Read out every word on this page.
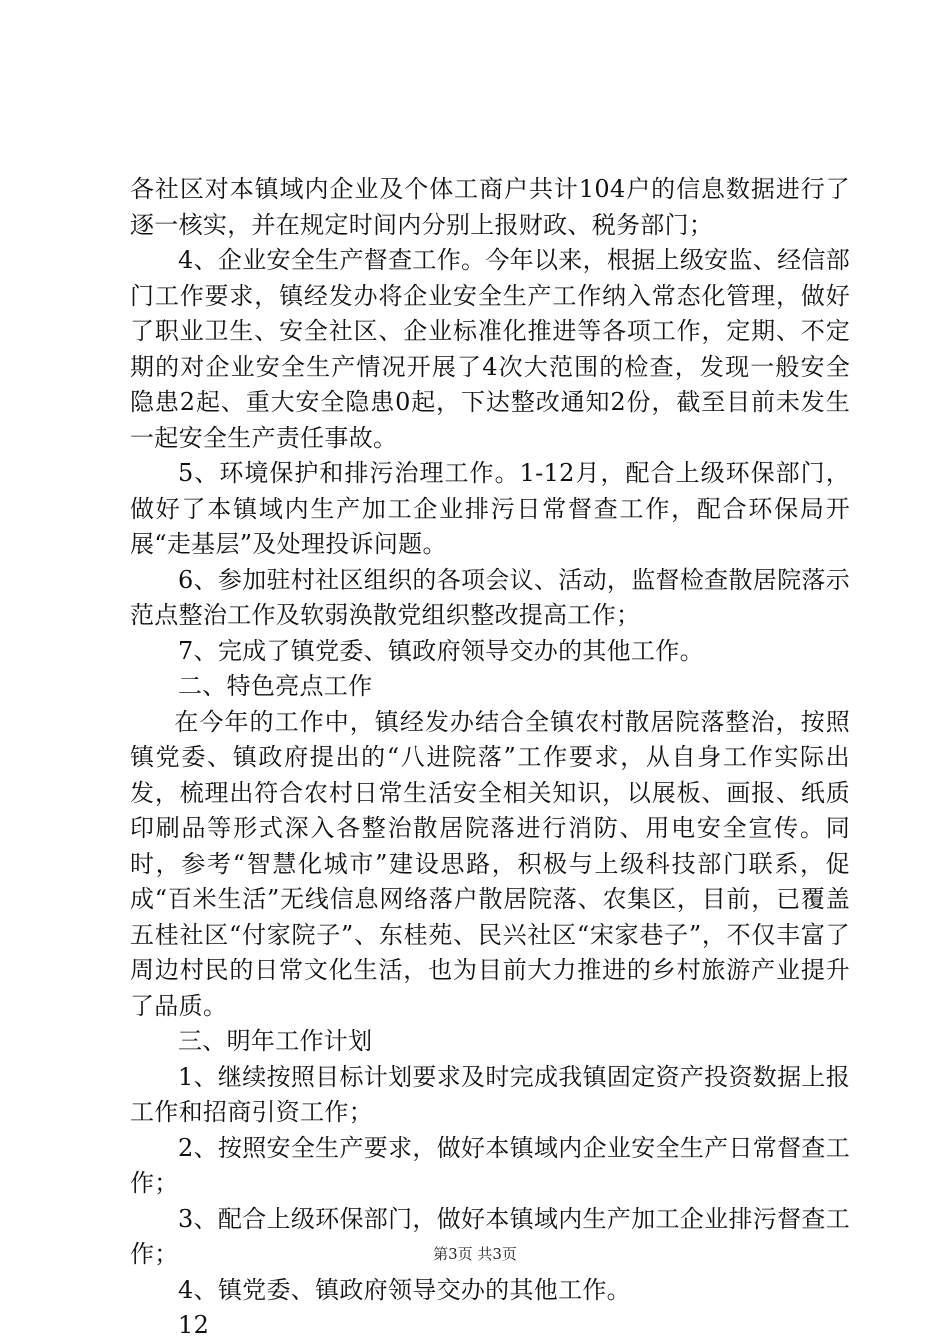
各社区对本镇域内企业及个体工商户共计104户的信息数据进行了逐一核实，并在规定时间内分别上报财政、税务部门；

4、企业安全生产督查工作。今年以来，根据上级安监、经信部门工作要求，镇经发办将企业安全生产工作纳入常态化管理，做好了职业卫生、安全社区、企业标准化推进等各项工作，定期、不定期的对企业安全生产情况开展了4次大范围的检查，发现一般安全隐患2起、重大安全隐患0起，下达整改通知2份，截至目前未发生一起安全生产责任事故。

5、环境保护和排污治理工作。1-12月，配合上级环保部门，做好了本镇域内生产加工企业排污日常督查工作，配合环保局开展“走基层”及处理投诉问题。

6、参加驻村社区组织的各项会议、活动，监督检查散居院落示范点整治工作及软弱涣散党组织整改提高工作；

7、完成了镇党委、镇政府领导交办的其他工作。

二、特色亮点工作

在今年的工作中，镇经发办结合全镇农村散居院落整治，按照镇党委、镇政府提出的“八进院落”工作要求，从自身工作实际出发，梳理出符合农村日常生活安全相关知识，以展板、画报、纸质印刷品等形式深入各整治散居院落进行消防、用电安全宣传。同时，参考“智慧化城市”建设思路，积极与上级科技部门联系，促成“百米生活”无线信息网络落户散居院落、农集区，目前，已覆盖五桂社区“付家院子”、东桂苑、民兴社区“宋家巷子”，不仅丰富了周边村民的日常文化生活，也为目前大力推进的乡村旅游产业提升了品质。

三、明年工作计划

1、继续按照目标计划要求及时完成我镇固定资产投资数据上报工作和招商引资工作；

2、按照安全生产要求，做好本镇域内企业安全生产日常督查工作；

3、配合上级环保部门，做好本镇域内生产加工企业排污督查工作；

4、镇党委、镇政府领导交办的其他工作。

12

第3页 共3页
